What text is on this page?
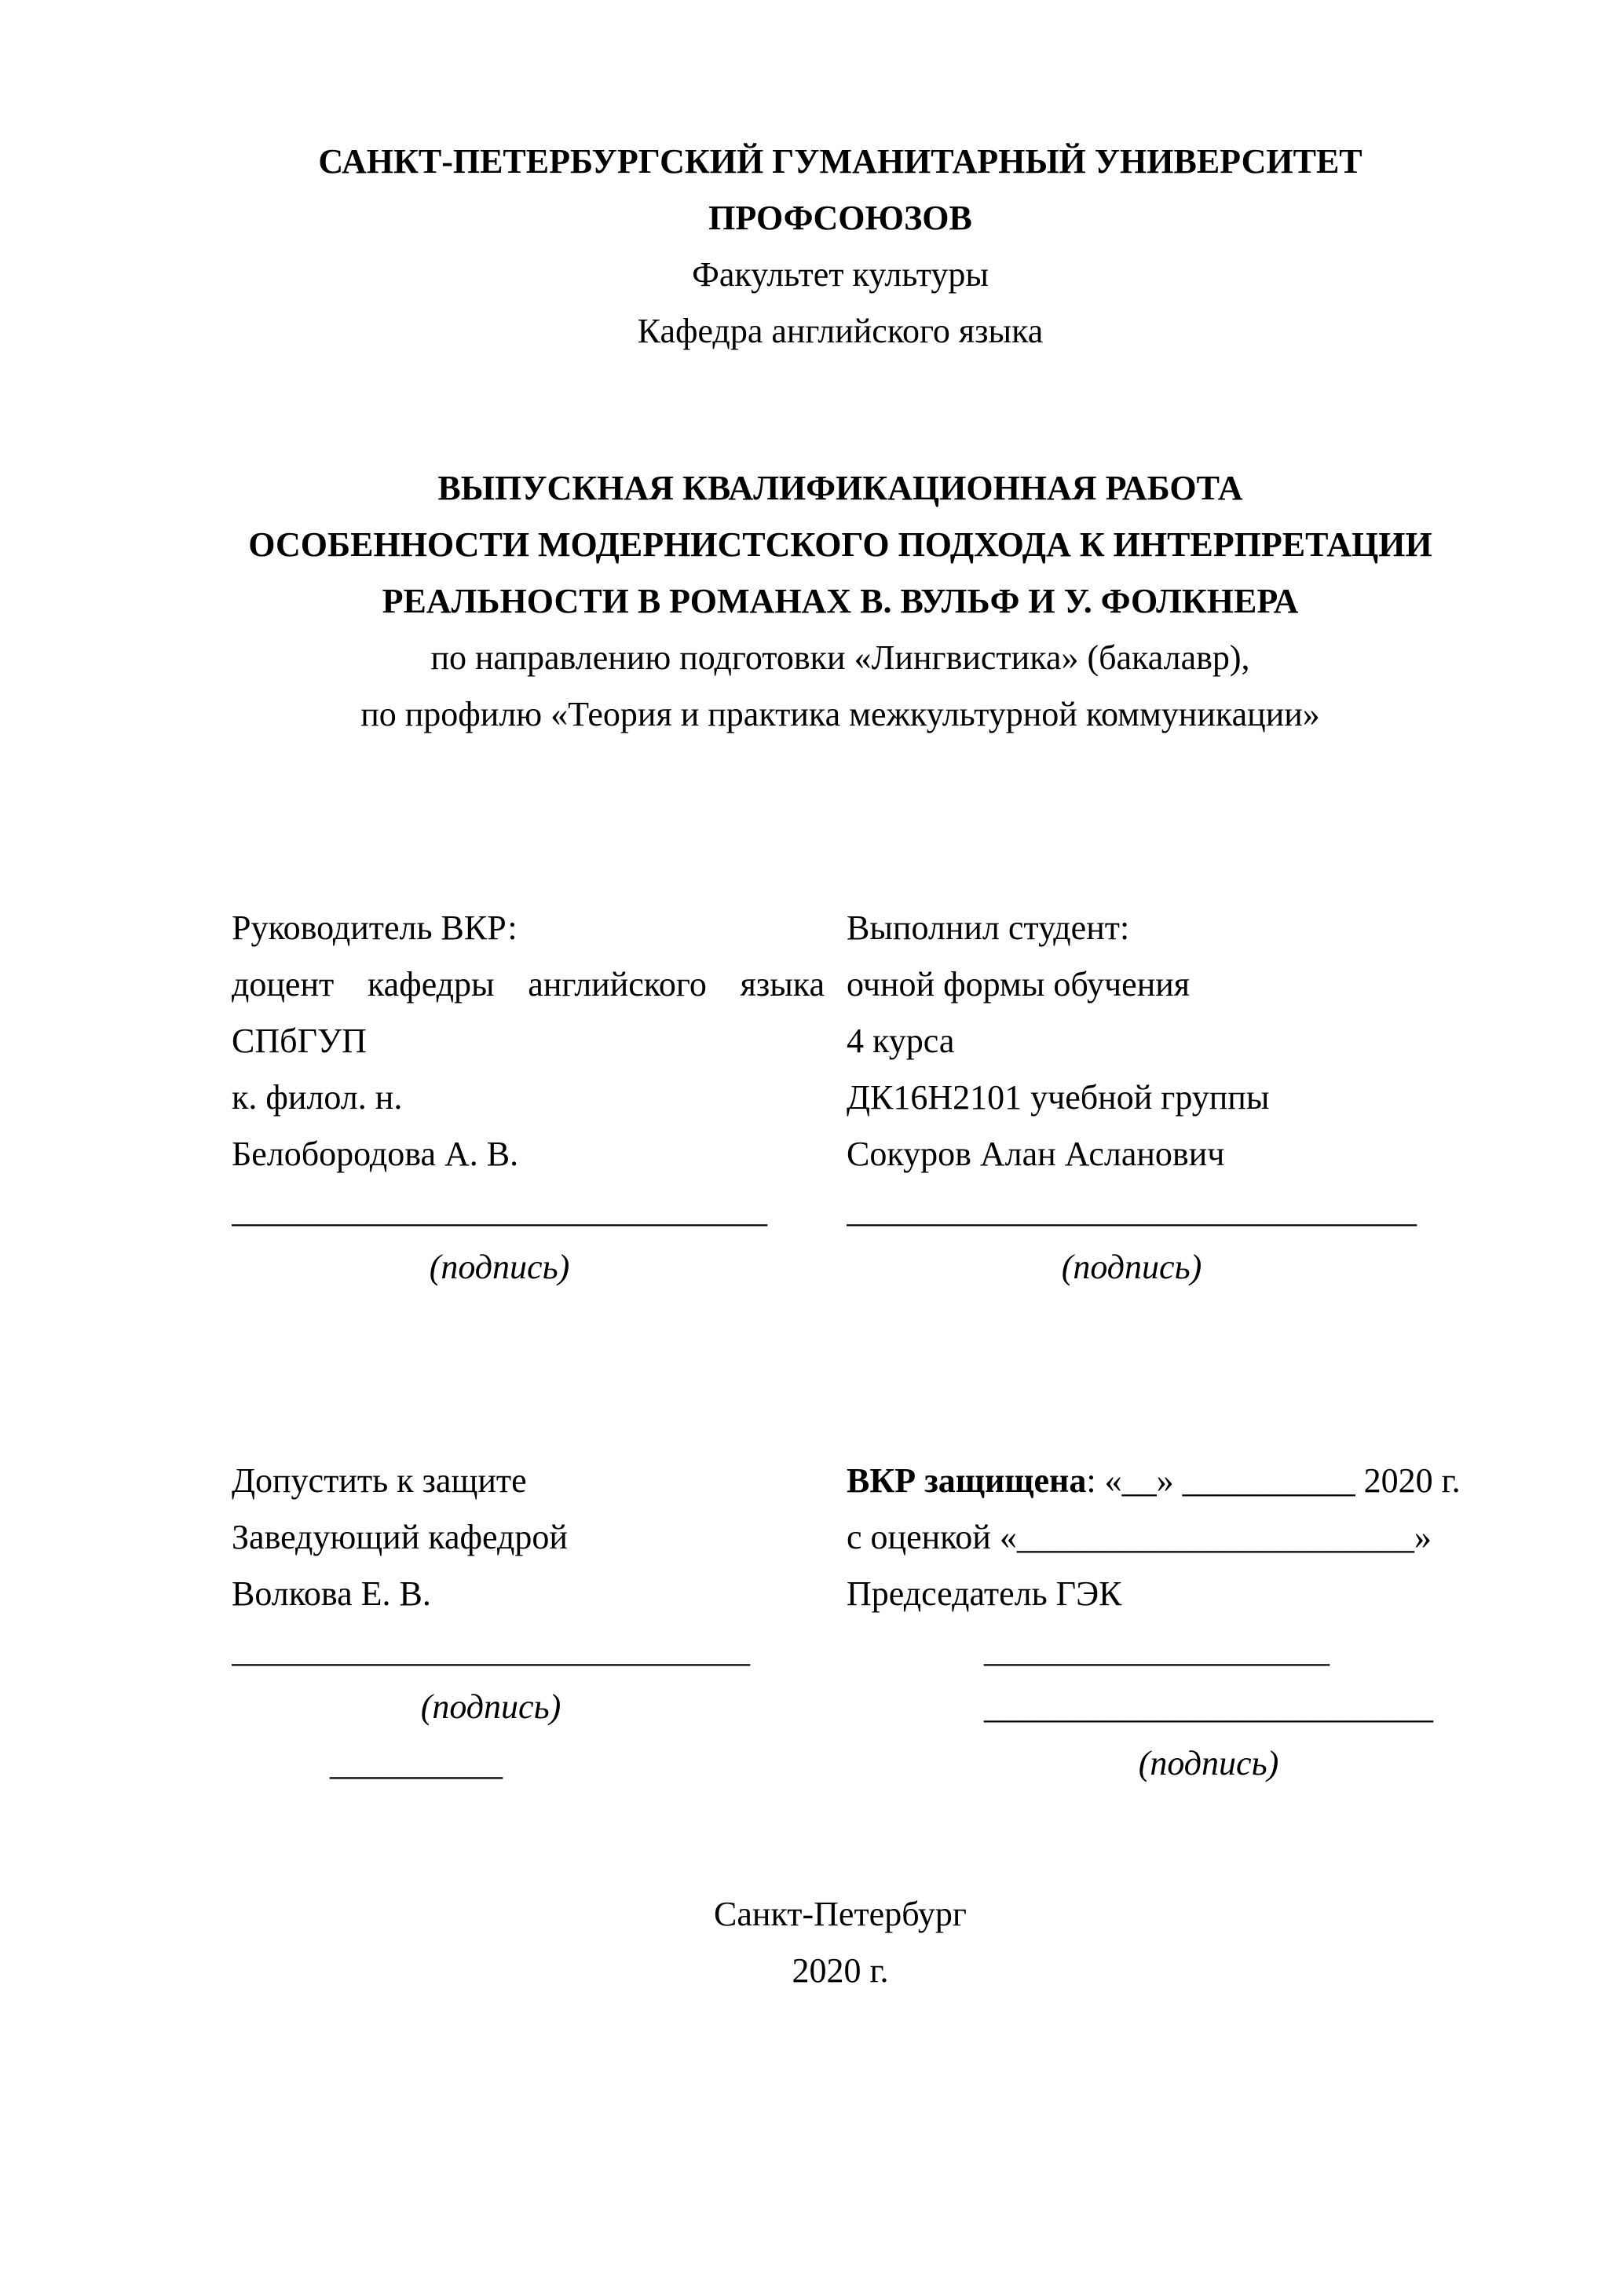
САНКТ-ПЕТЕРБУРГСКИЙ ГУМАНИТАРНЫЙ УНИВЕРСИТЕТ
ПРОФСОЮЗОВ
Факультет культуры
Кафедра английского языка
ВЫПУСКНАЯ КВАЛИФИКАЦИОННАЯ РАБОТА
ОСОБЕННОСТИ МОДЕРНИСТСКОГО ПОДХОДА К ИНТЕРПРЕТАЦИИ
РЕАЛЬНОСТИ В РОМАНАХ В. ВУЛЬФ И У. ФОЛКНЕРА
по направлению подготовки «Лингвистика» (бакалавр),
по профилю «Теория и практика межкультурной коммуникации»
Руководитель ВКР:
доцент кафедры английского языка СПбГУП
к. филол. н.
Белобородова А. В.
_______________________________
(подпись)
Выполнил студент:
очной формы обучения
4 курса
ДК16Н2101 учебной группы
Сокуров Алан Асланович
_________________________________
(подпись)
Допустить к защите
Заведующий кафедрой
Волкова Е. В.
______________________________
(подпись)
__________
ВКР защищена: «__» __________ 2020 г.
с оценкой «_______________________»
Председатель ГЭК
____________________
__________________________
(подпись)
Санкт-Петербург
2020 г.
